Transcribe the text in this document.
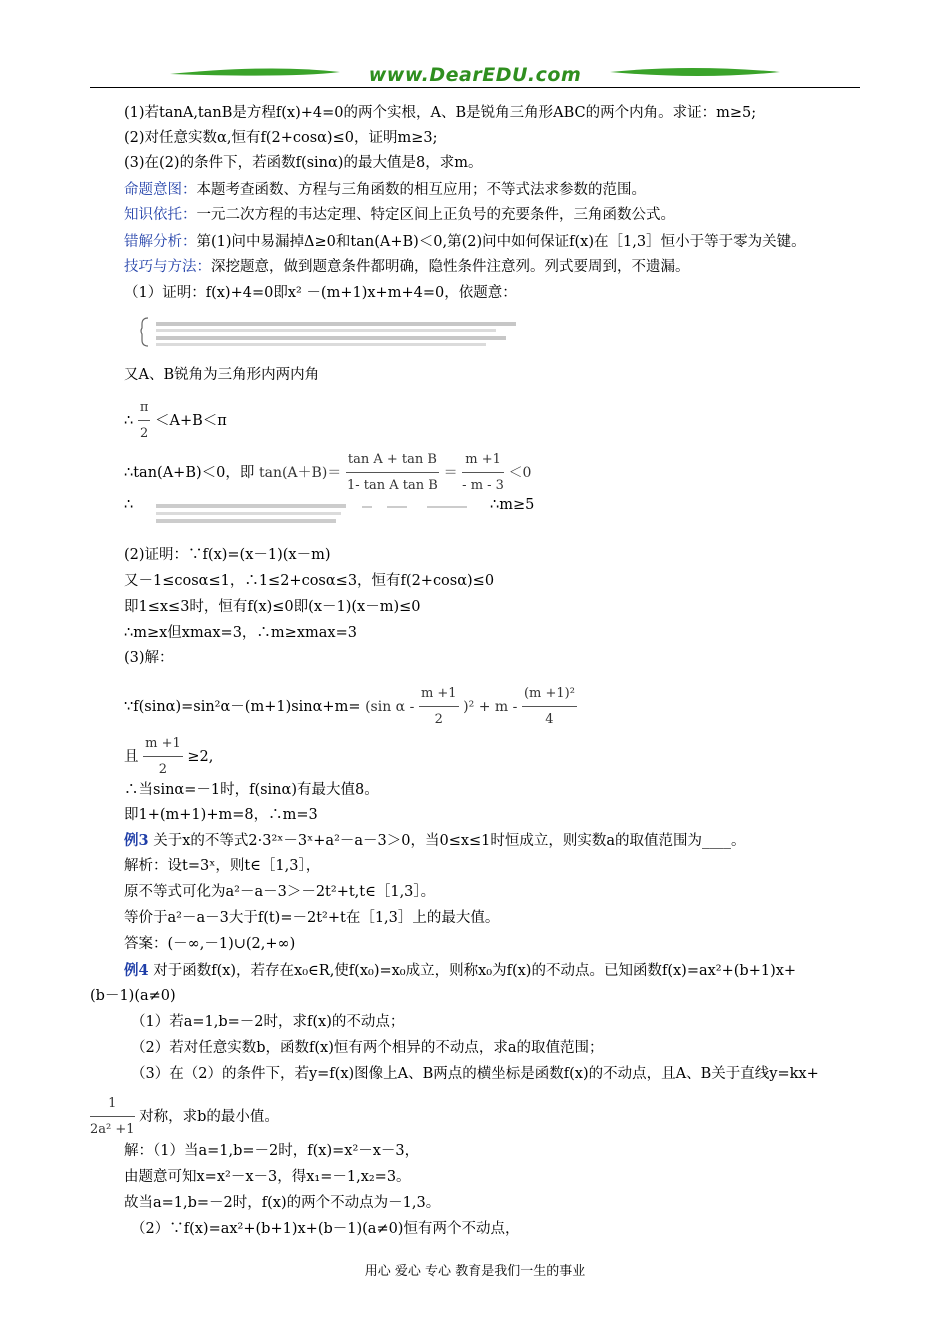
www.DearEDU.com
(1)若tanA,tanB是方程f(x)+4=0的两个实根，A、B是锐角三角形ABC的两个内角。求证：m≥5;
(2)对任意实数α,恒有f(2+cosα)≤0，证明m≥3;
(3)在(2)的条件下，若函数f(sinα)的最大值是8，求m。
命题意图：本题考查函数、方程与三角函数的相互应用；不等式法求参数的范围。
知识依托：一元二次方程的韦达定理、特定区间上正负号的充要条件，三角函数公式。
错解分析：第(1)问中易漏掉Δ≥0和tan(A+B)＜0,第(2)问中如何保证f(x)在［1,3］恒小于等于零为关键。
技巧与方法：深挖题意，做到题意条件都明确，隐性条件注意列。列式要周到，不遗漏。
（1）证明：f(x)+4=0即x² －(m+1)x+m+4=0，依题意：
又A、B锐角为三角形内两内角
∴ $\frac{\pi}{2} <A+B<\pi$
∴tan(A+B)＜0，即 $\tan(A+B)= \frac{\text{tan A + tan B}}{\text{1- tan A tan B}} = \frac{m +1}{- m - 3} <0$
∴	∴m≥5
(2)证明：∵f(x)=(x－1)(x－m)
又－1≤cosα≤1，∴1≤2+cosα≤3，恒有f(2+cosα)≤0
即1≤x≤3时，恒有f(x)≤0即(x－1)(x－m)≤0
∴m≥x但xmax=3，∴m≥xmax=3
(3)解：
∵f(sinα)=sin²α－(m+1)sinα+m= (sin $\alpha - \frac{m +1}{2} )^2 + m - \frac{\text{(m +1)²}}{4}$
且 $\frac{m +1}{2} \ge 2$,
∴当sinα=－1时，f(sinα)有最大值8。
即1+(m+1)+m=8，∴m=3
例3 关于x的不等式2·3²ˣ－3ˣ+a²－a－3＞0，当0≤x≤1时恒成立，则实数a的取值范围为____。
解析：设t=3ˣ，则t∈［1,3］，
原不等式可化为a²－a－3＞－2t²+t,t∈［1,3］。
等价于a²－a－3大于f(t)=－2t²+t在［1,3］上的最大值。
答案：(－∞,－1)∪(2,+∞)
例4 对于函数f(x)，若存在x₀∈R,使f(x₀)=x₀成立，则称x₀为f(x)的不动点。已知函数f(x)=ax²+(b+1)x+
(b－1)(a≠0)
（1）若a=1,b=－2时，求f(x)的不动点；
（2）若对任意实数b，函数f(x)恒有两个相异的不动点，求a的取值范围；
（3）在（2）的条件下，若y=f(x)图像上A、B两点的横坐标是函数f(x)的不动点，且A、B关于直线y=kx+
$\frac{1}{\text{2a² +1}}$ 对称，求b的最小值。
解：（1）当a=1,b=－2时，f(x)=x²－x－3，
由题意可知x=x²－x－3，得x₁=－1,x₂=3。
故当a=1,b=－2时，f(x)的两个不动点为－1,3。
（2）∵f(x)=ax²+(b+1)x+(b－1)(a≠0)恒有两个不动点，
用心 爱心 专心 教育是我们一生的事业
